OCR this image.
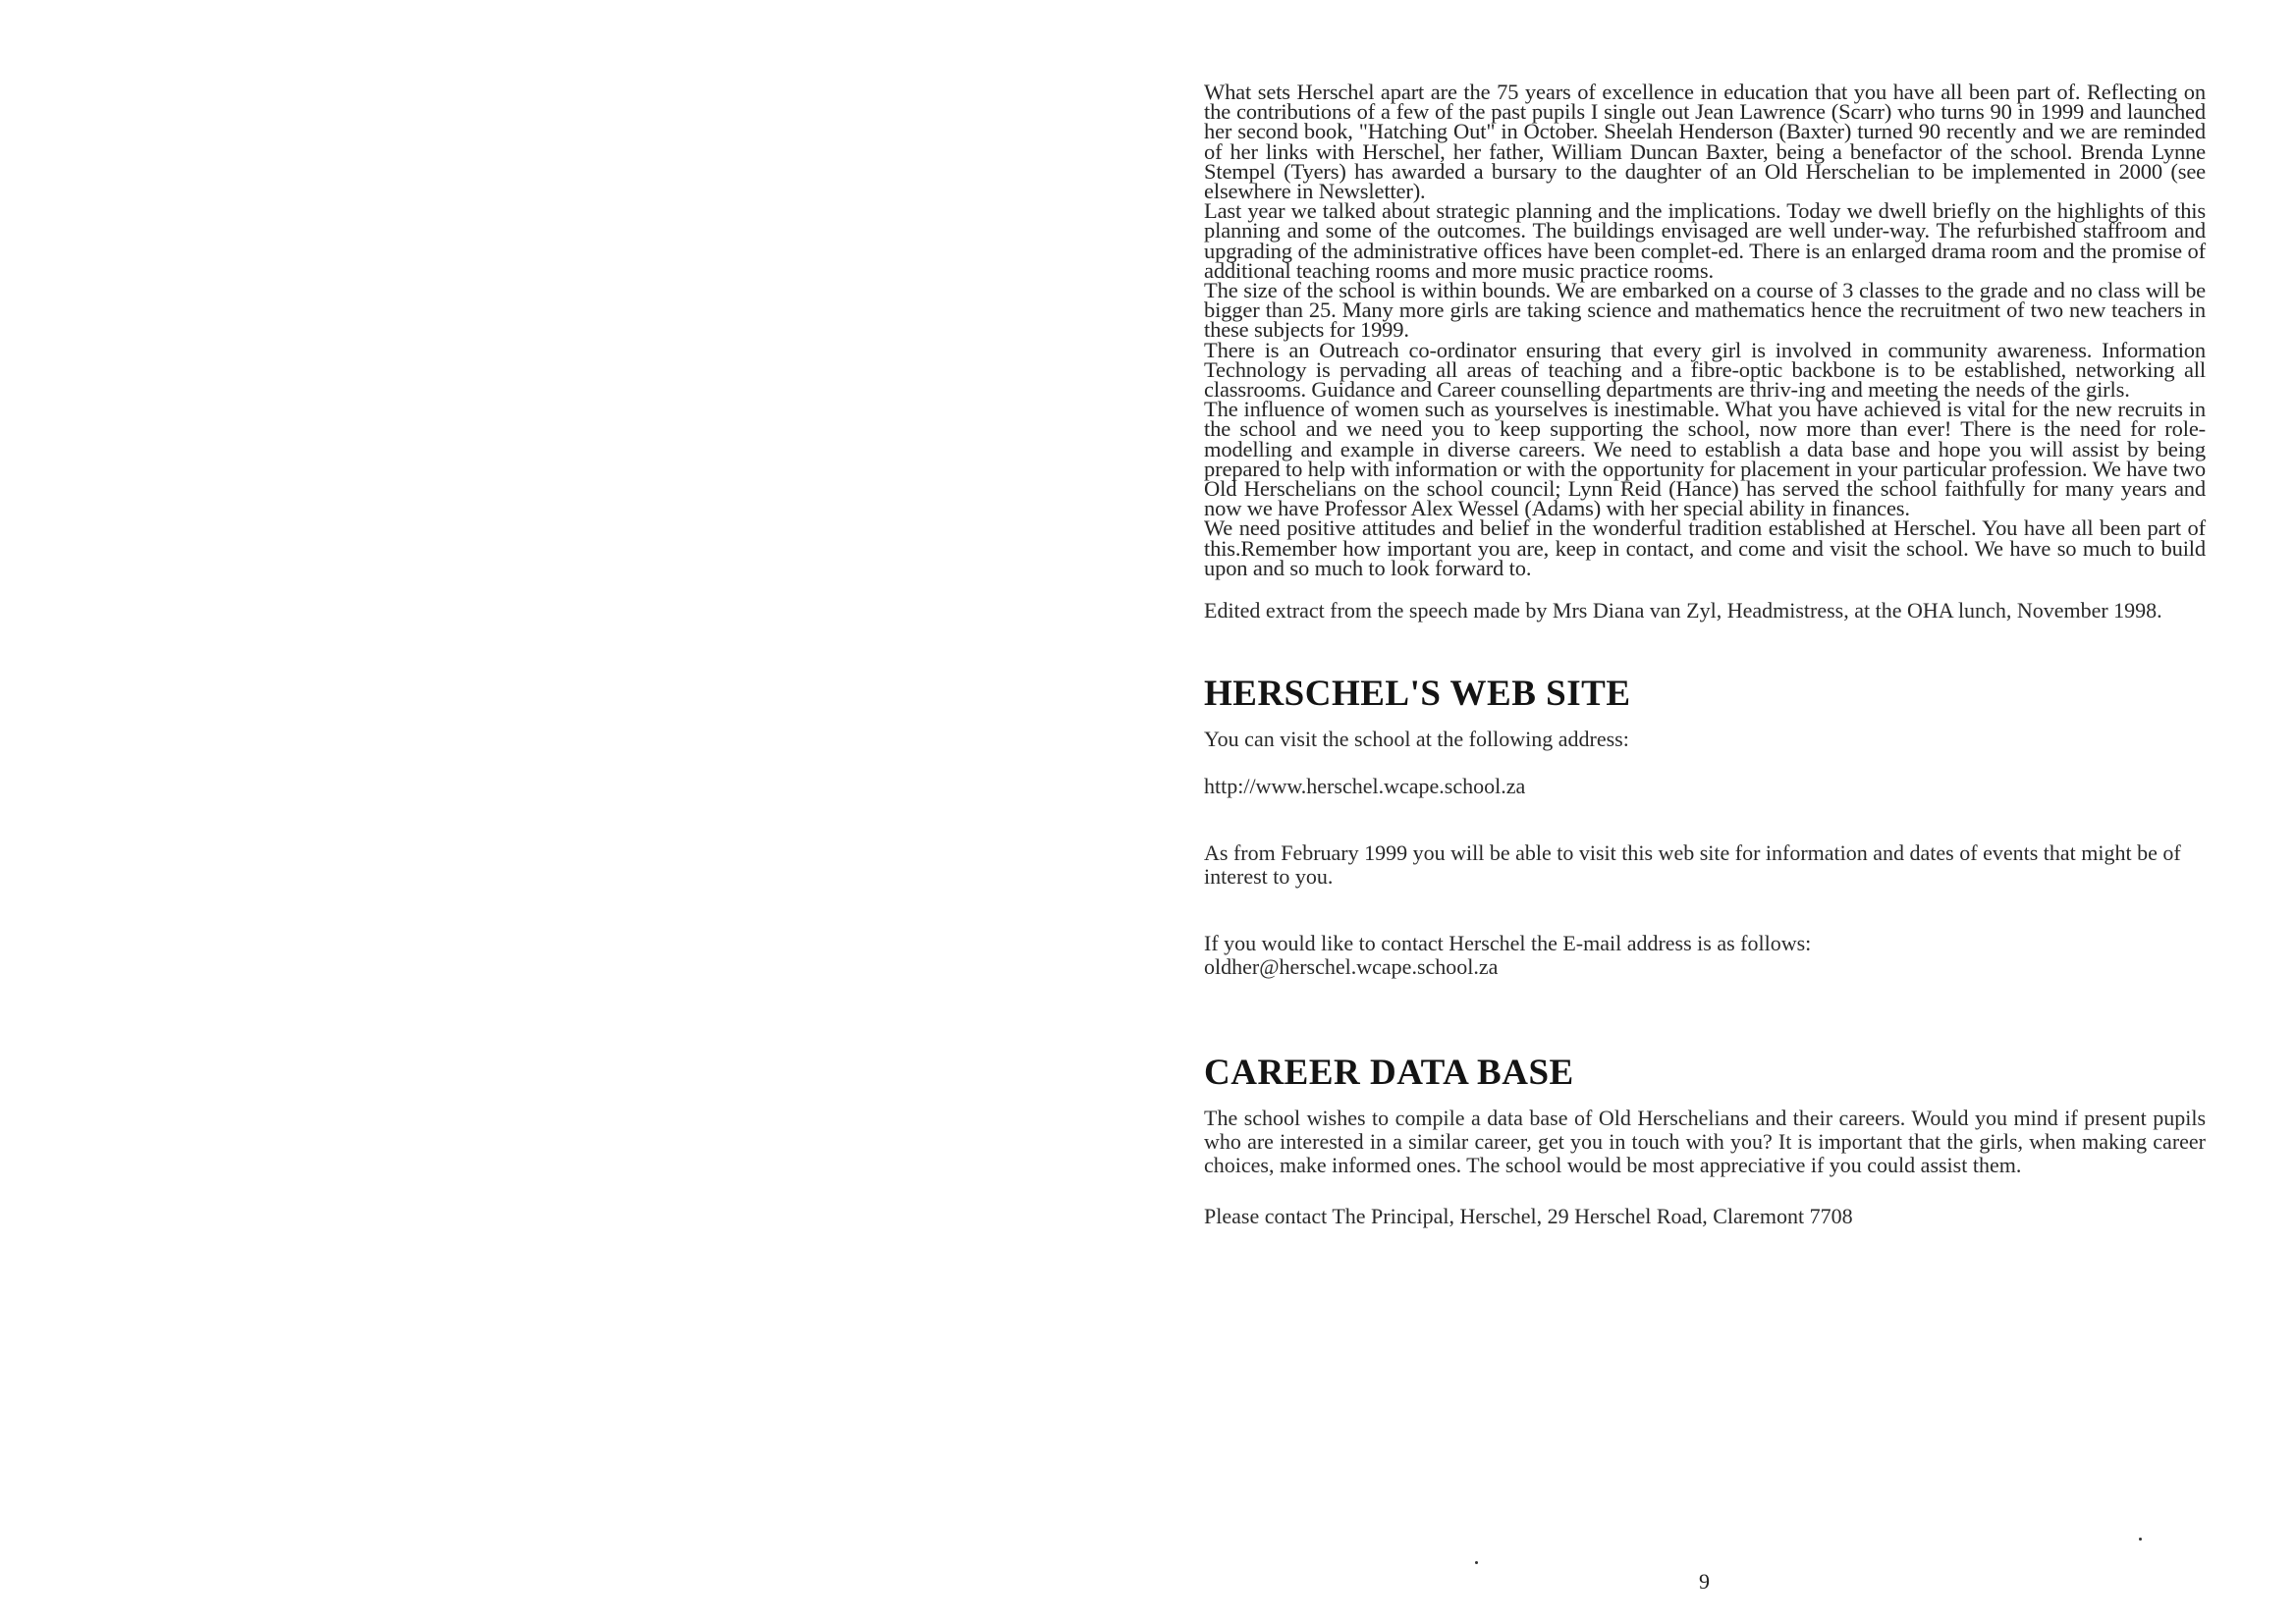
What sets Herschel apart are the 75 years of excellence in education that you have all been part of. Reflecting on the contributions of a few of the past pupils I single out Jean Lawrence (Scarr) who turns 90 in 1999 and launched her second book, "Hatching Out" in October. Sheelah Henderson (Baxter) turned 90 recently and we are reminded of her links with Herschel, her father, William Duncan Baxter, being a benefactor of the school. Brenda Lynne Stempel (Tyers) has awarded a bursary to the daughter of an Old Herschelian to be implemented in 2000 (see elsewhere in Newsletter).

Last year we talked about strategic planning and the implications. Today we dwell briefly on the highlights of this planning and some of the outcomes. The buildings envisaged are well under-way. The refurbished staffroom and upgrading of the administrative offices have been complet-ed. There is an enlarged drama room and the promise of additional teaching rooms and more music practice rooms.

The size of the school is within bounds. We are embarked on a course of 3 classes to the grade and no class will be bigger than 25. Many more girls are taking science and mathematics hence the recruitment of two new teachers in these subjects for 1999.

There is an Outreach co-ordinator ensuring that every girl is involved in community awareness. Information Technology is pervading all areas of teaching and a fibre-optic backbone is to be established, networking all classrooms. Guidance and Career counselling departments are thriv-ing and meeting the needs of the girls.

The influence of women such as yourselves is inestimable. What you have achieved is vital for the new recruits in the school and we need you to keep supporting the school, now more than ever! There is the need for role-modelling and example in diverse careers. We need to establish a data base and hope you will assist by being prepared to help with information or with the opportunity for placement in your particular profession. We have two Old Herschelians on the school council; Lynn Reid (Hance) has served the school faithfully for many years and now we have Professor Alex Wessel (Adams) with her special ability in finances.

We need positive attitudes and belief in the wonderful tradition established at Herschel. You have all been part of this.Remember how important you are, keep in contact, and come and visit the school. We have so much to build upon and so much to look forward to.

Edited extract from the speech made by Mrs Diana van Zyl, Headmistress, at the OHA lunch, November 1998.

HERSCHEL'S WEB SITE

You can visit the school at the following address:

http://www.herschel.wcape.school.za

As from February 1999 you will be able to visit this web site for information and dates of events that might be of interest to you.

If you would like to contact Herschel the E-mail address is as follows:

oldher@herschel.wcape.school.za

CAREER DATA BASE

The school wishes to compile a data base of Old Herschelians and their careers. Would you mind if present pupils who are interested in a similar career, get you in touch with you? It is important that the girls, when making career choices, make informed ones. The school would be most appreciative if you could assist them.

Please contact The Principal, Herschel, 29 Herschel Road, Claremont 7708

9
